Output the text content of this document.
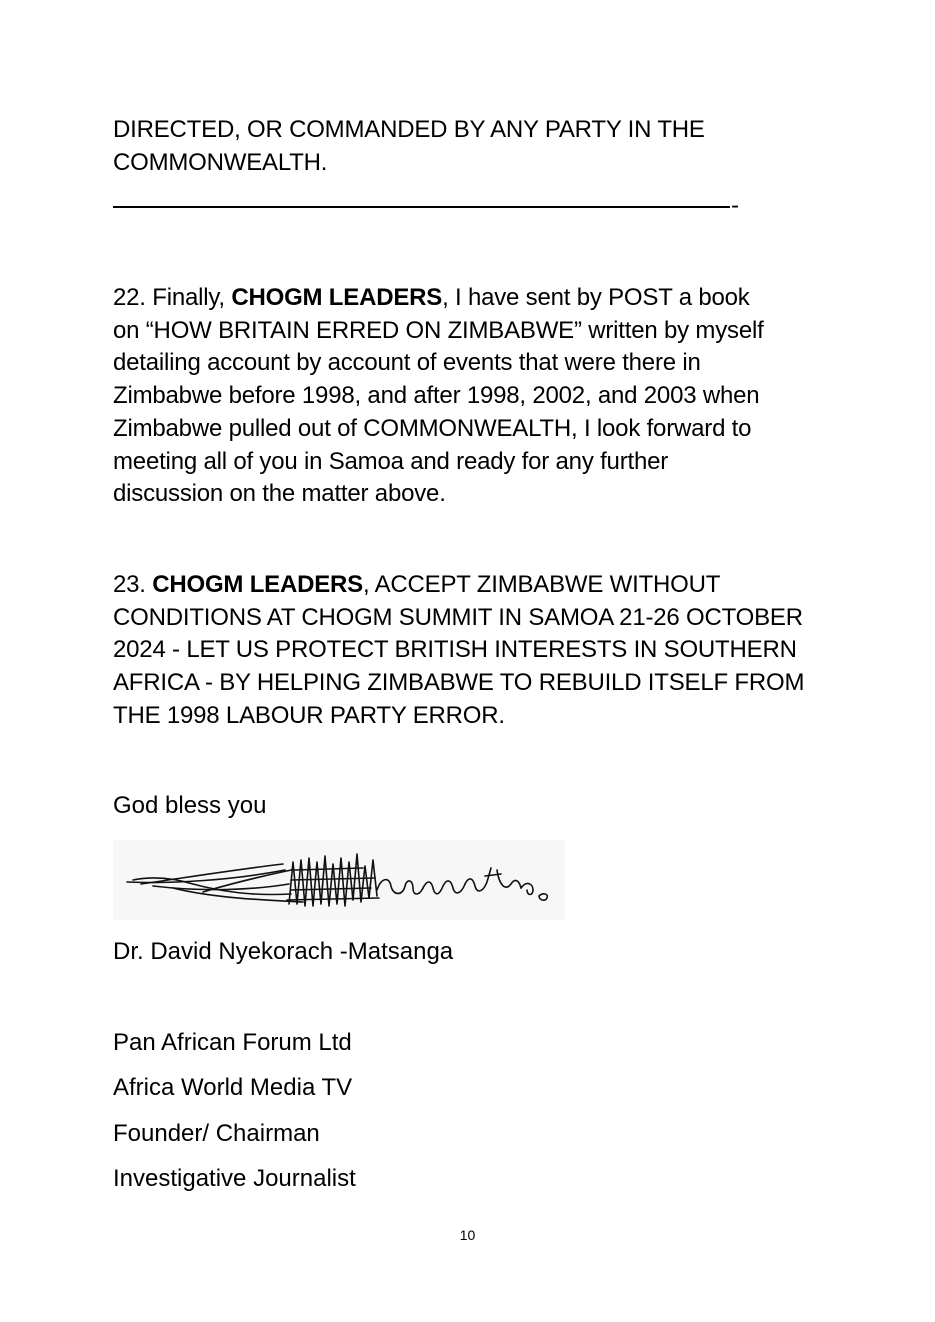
DIRECTED, OR COMMANDED BY ANY PARTY IN THE
COMMONWEALTH.
-
22. Finally, CHOGM LEADERS, I have sent by POST a book
on “HOW BRITAIN ERRED ON ZIMBABWE” written by myself
detailing account by account of events that were there in
Zimbabwe before 1998, and after 1998, 2002, and 2003 when
Zimbabwe pulled out of COMMONWEALTH, I look forward to
meeting all of you in Samoa and ready for any further
discussion on the matter above.
23. CHOGM LEADERS, ACCEPT ZIMBABWE WITHOUT
CONDITIONS AT CHOGM SUMMIT IN SAMOA 21-26 OCTOBER
2024 - LET US PROTECT BRITISH INTERESTS IN SOUTHERN
AFRICA - BY HELPING ZIMBABWE TO REBUILD ITSELF FROM
THE 1998 LABOUR PARTY ERROR.
God bless you
Dr. David Nyekorach -Matsanga
Pan African Forum Ltd
Africa World Media TV
Founder/ Chairman
Investigative Journalist
10
